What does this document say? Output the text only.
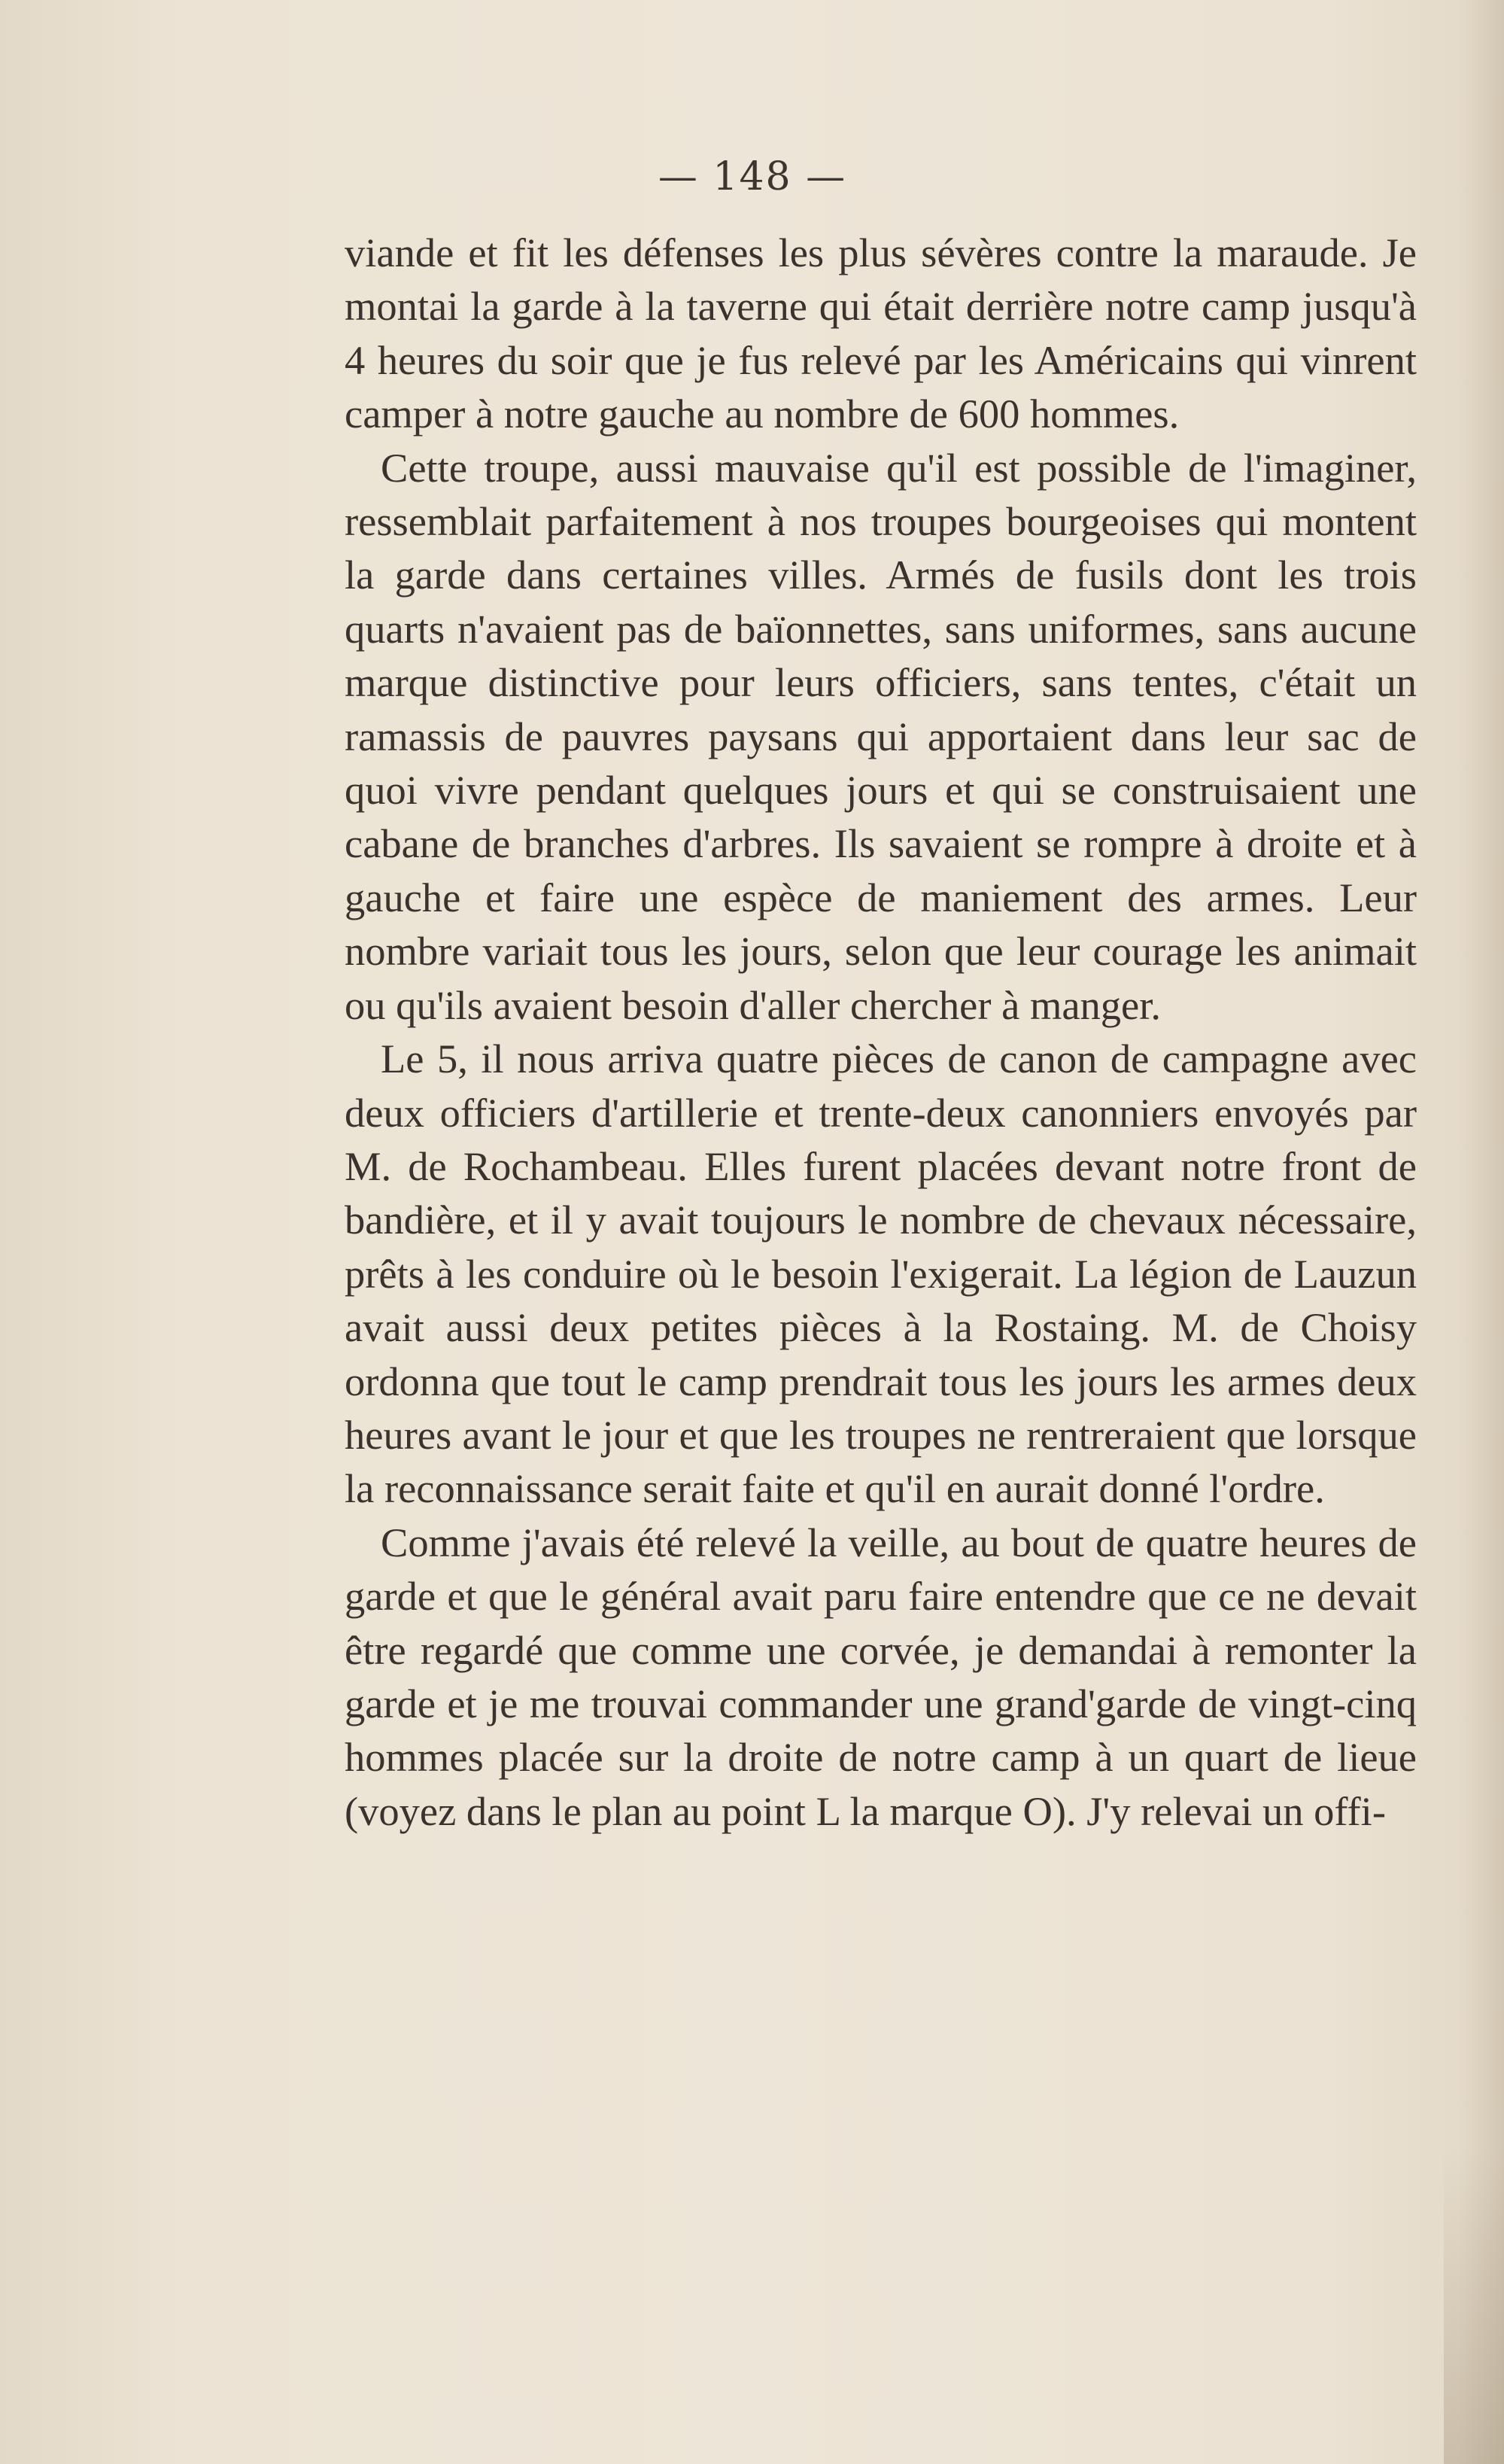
— 148 —

viande et fit les défenses les plus sévères contre la maraude. Je montai la garde à la taverne qui était derrière notre camp jusqu'à 4 heures du soir que je fus relevé par les Américains qui vinrent camper à notre gauche au nombre de 600 hommes.

Cette troupe, aussi mauvaise qu'il est possible de l'imaginer, ressemblait parfaitement à nos troupes bourgeoises qui montent la garde dans certaines villes. Armés de fusils dont les trois quarts n'avaient pas de baïonnettes, sans uniformes, sans aucune marque distinctive pour leurs officiers, sans tentes, c'était un ramassis de pauvres paysans qui apportaient dans leur sac de quoi vivre pendant quelques jours et qui se construisaient une cabane de branches d'arbres. Ils savaient se rompre à droite et à gauche et faire une espèce de maniement des armes. Leur nombre variait tous les jours, selon que leur courage les animait ou qu'ils avaient besoin d'aller chercher à manger.

Le 5, il nous arriva quatre pièces de canon de campagne avec deux officiers d'artillerie et trente-deux canonniers envoyés par M. de Rochambeau. Elles furent placées devant notre front de bandière, et il y avait toujours le nombre de chevaux nécessaire, prêts à les conduire où le besoin l'exigerait. La légion de Lauzun avait aussi deux petites pièces à la Rostaing. M. de Choisy ordonna que tout le camp prendrait tous les jours les armes deux heures avant le jour et que les troupes ne rentreraient que lorsque la reconnaissance serait faite et qu'il en aurait donné l'ordre.

Comme j'avais été relevé la veille, au bout de quatre heures de garde et que le général avait paru faire entendre que ce ne devait être regardé que comme une corvée, je demandai à remonter la garde et je me trouvai commander une grand'garde de vingt-cinq hommes placée sur la droite de notre camp à un quart de lieue (voyez dans le plan au point L la marque O). J'y relevai un offi-
